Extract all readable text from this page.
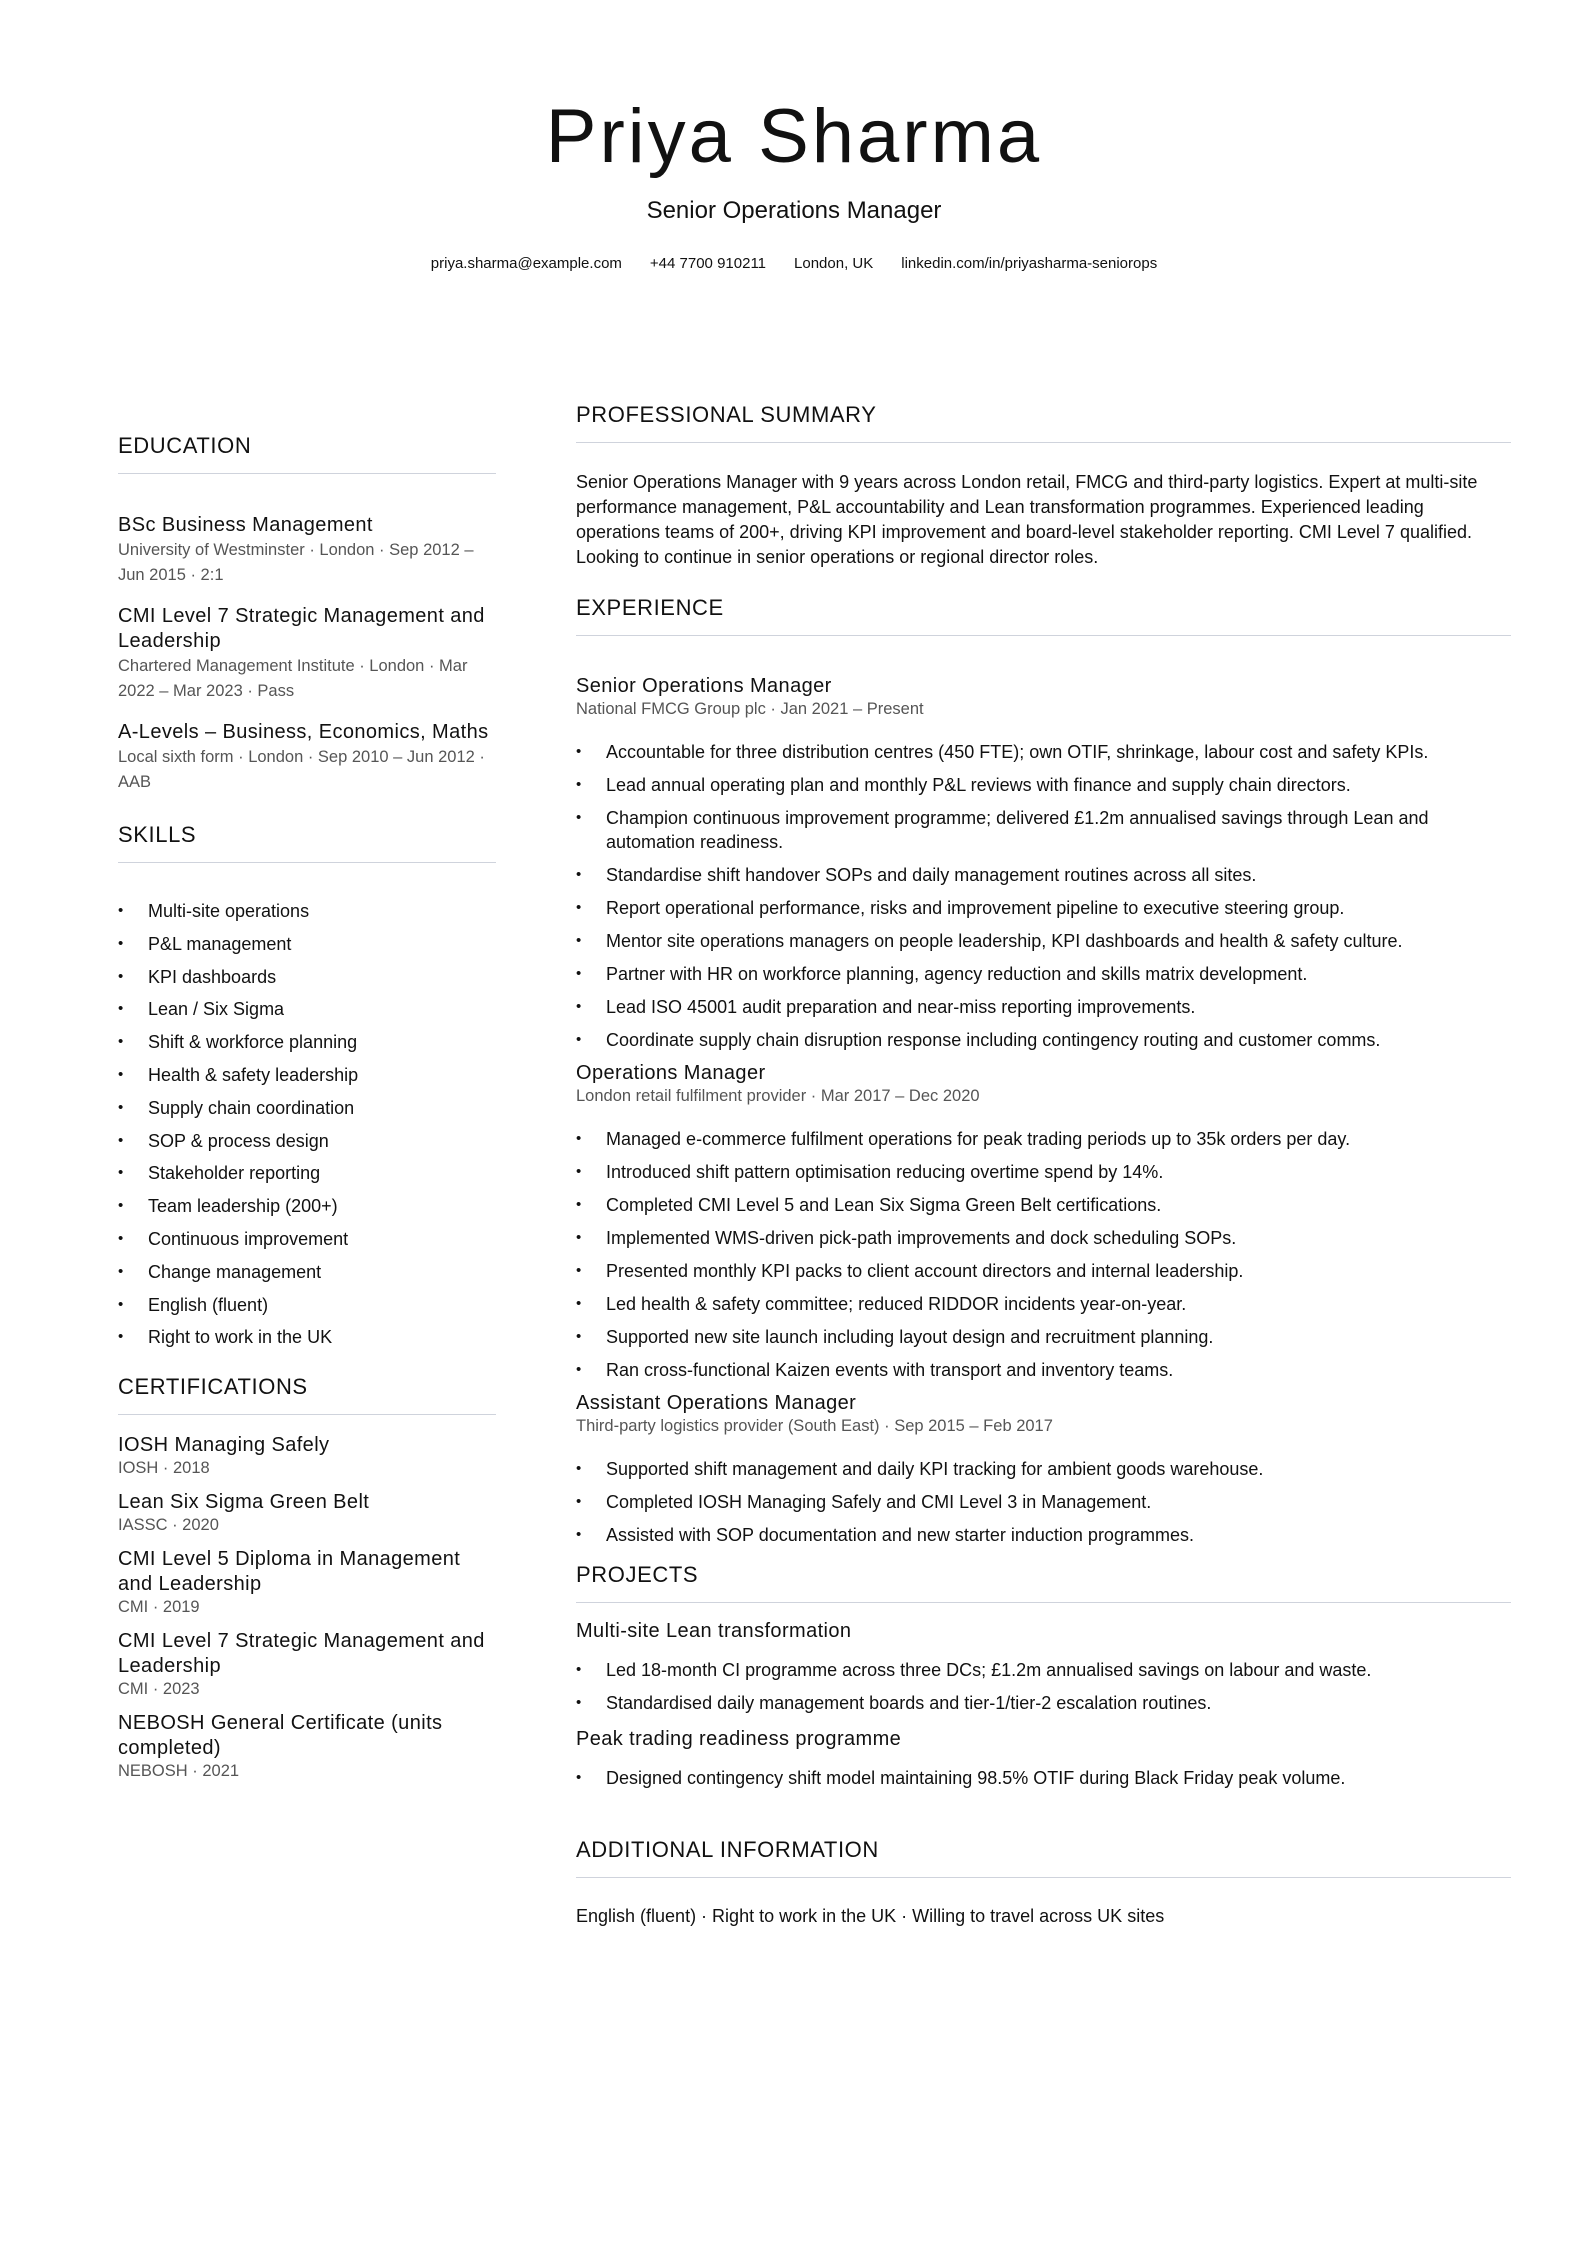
Priya Sharma
Senior Operations Manager
priya.sharma@example.com +44 7700 910211 London, UK linkedin.com/in/priyasharma-seniorops
EDUCATION
BSc Business Management
University of Westminster · London · Sep 2012 – Jun 2015 · 2:1
CMI Level 7 Strategic Management and Leadership
Chartered Management Institute · London · Mar 2022 – Mar 2023 · Pass
A-Levels – Business, Economics, Maths
Local sixth form · London · Sep 2010 – Jun 2012 · AAB
SKILLS
• Multi-site operations
• P&L management
• KPI dashboards
• Lean / Six Sigma
• Shift & workforce planning
• Health & safety leadership
• Supply chain coordination
• SOP & process design
• Stakeholder reporting
• Team leadership (200+)
• Continuous improvement
• Change management
• English (fluent)
• Right to work in the UK
CERTIFICATIONS
IOSH Managing Safely
IOSH · 2018
Lean Six Sigma Green Belt
IASSC · 2020
CMI Level 5 Diploma in Management and Leadership
CMI · 2019
CMI Level 7 Strategic Management and Leadership
CMI · 2023
NEBOSH General Certificate (units completed)
NEBOSH · 2021
PROFESSIONAL SUMMARY
Senior Operations Manager with 9 years across London retail, FMCG and third-party logistics. Expert at multi-site performance management, P&L accountability and Lean transformation programmes. Experienced leading operations teams of 200+, driving KPI improvement and board-level stakeholder reporting. CMI Level 7 qualified. Looking to continue in senior operations or regional director roles.
EXPERIENCE
Senior Operations Manager
National FMCG Group plc · Jan 2021 – Present
• Accountable for three distribution centres (450 FTE); own OTIF, shrinkage, labour cost and safety KPIs.
• Lead annual operating plan and monthly P&L reviews with finance and supply chain directors.
• Champion continuous improvement programme; delivered £1.2m annualised savings through Lean and automation readiness.
• Standardise shift handover SOPs and daily management routines across all sites.
• Report operational performance, risks and improvement pipeline to executive steering group.
• Mentor site operations managers on people leadership, KPI dashboards and health & safety culture.
• Partner with HR on workforce planning, agency reduction and skills matrix development.
• Lead ISO 45001 audit preparation and near-miss reporting improvements.
• Coordinate supply chain disruption response including contingency routing and customer comms.
Operations Manager
London retail fulfilment provider · Mar 2017 – Dec 2020
• Managed e-commerce fulfilment operations for peak trading periods up to 35k orders per day.
• Introduced shift pattern optimisation reducing overtime spend by 14%.
• Completed CMI Level 5 and Lean Six Sigma Green Belt certifications.
• Implemented WMS-driven pick-path improvements and dock scheduling SOPs.
• Presented monthly KPI packs to client account directors and internal leadership.
• Led health & safety committee; reduced RIDDOR incidents year-on-year.
• Supported new site launch including layout design and recruitment planning.
• Ran cross-functional Kaizen events with transport and inventory teams.
Assistant Operations Manager
Third-party logistics provider (South East) · Sep 2015 – Feb 2017
• Supported shift management and daily KPI tracking for ambient goods warehouse.
• Completed IOSH Managing Safely and CMI Level 3 in Management.
• Assisted with SOP documentation and new starter induction programmes.
PROJECTS
Multi-site Lean transformation
• Led 18-month CI programme across three DCs; £1.2m annualised savings on labour and waste.
• Standardised daily management boards and tier-1/tier-2 escalation routines.
Peak trading readiness programme
• Designed contingency shift model maintaining 98.5% OTIF during Black Friday peak volume.
ADDITIONAL INFORMATION
English (fluent) · Right to work in the UK · Willing to travel across UK sites
